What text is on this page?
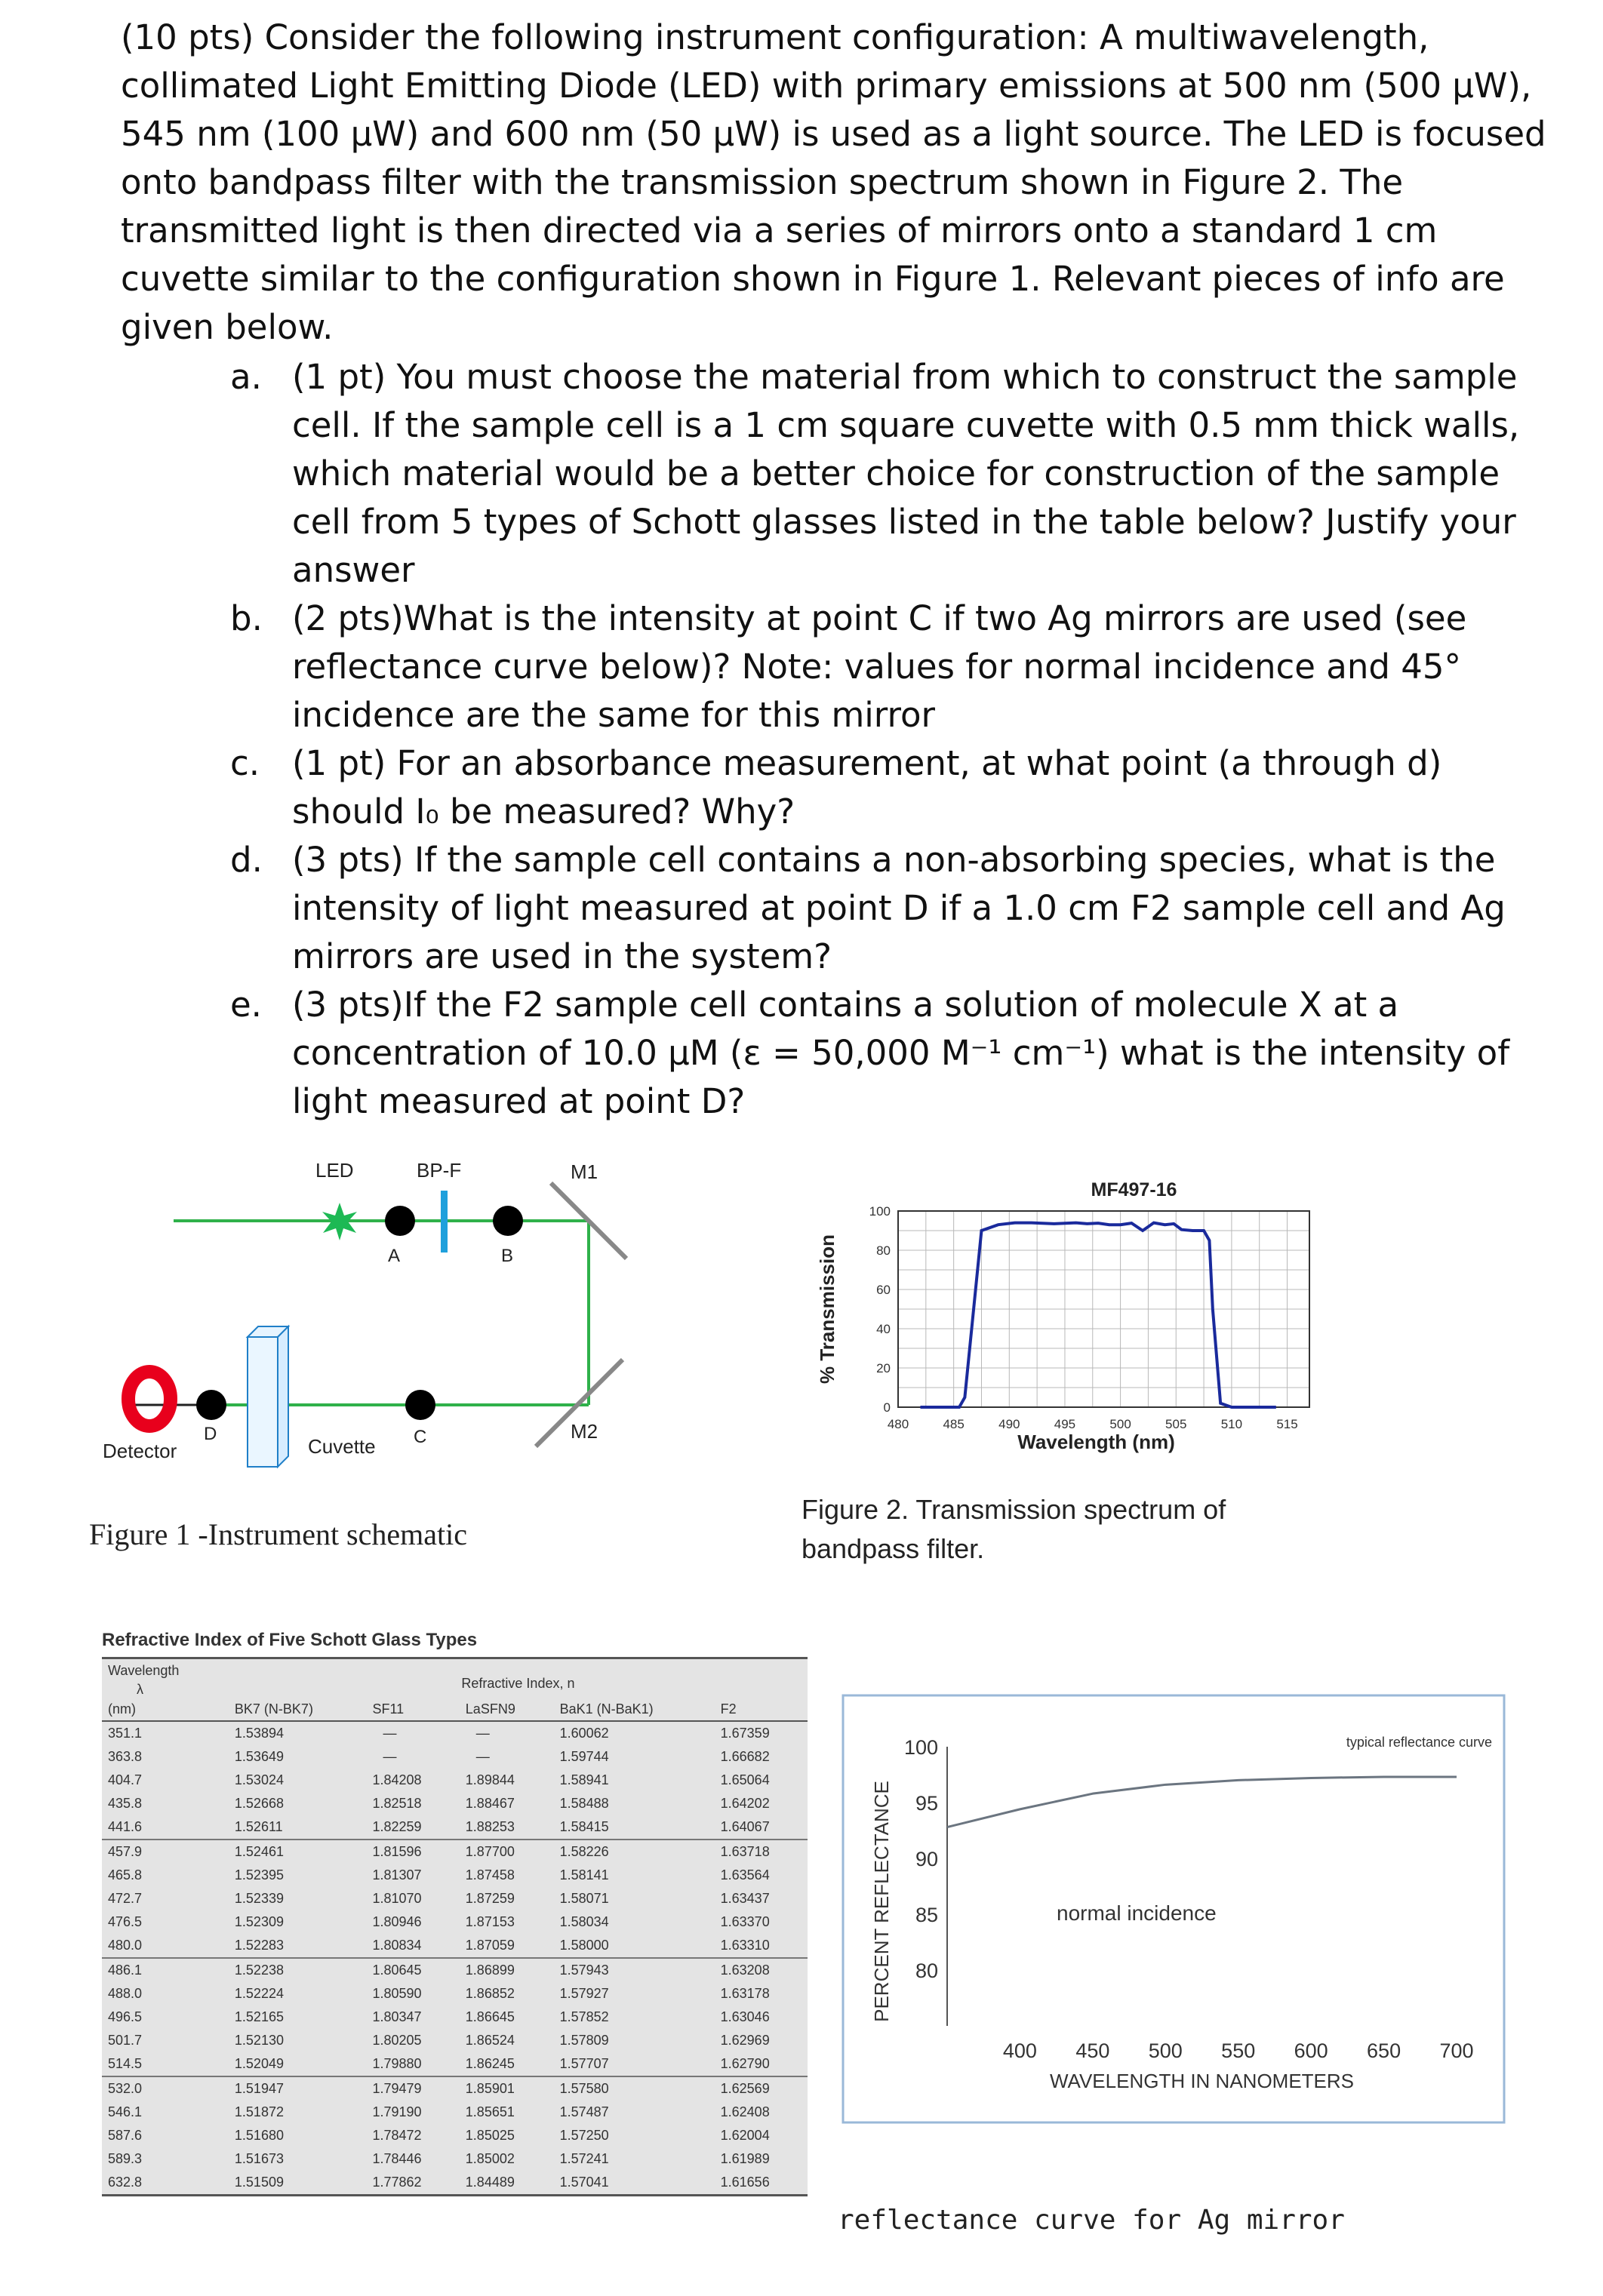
(10 pts) Consider the following instrument configuration: A multiwavelength, collimated Light Emitting Diode (LED) with primary emissions at 500 nm (500 μW), 545 nm (100 μW) and 600 nm (50 μW) is used as a light source. The LED is focused onto bandpass filter with the transmission spectrum shown in Figure 2. The transmitted light is then directed via a series of mirrors onto a standard 1 cm cuvette similar to the configuration shown in Figure 1. Relevant pieces of info are given below.
a. (1 pt) You must choose the material from which to construct the sample cell. If the sample cell is a 1 cm square cuvette with 0.5 mm thick walls, which material would be a better choice for construction of the sample cell from 5 types of Schott glasses listed in the table below? Justify your answer
b. (2 pts)What is the intensity at point C if two Ag mirrors are used (see reflectance curve below)? Note: values for normal incidence and 45° incidence are the same for this mirror
c. (1 pt) For an absorbance measurement, at what point (a through d) should I₀ be measured? Why?
d. (3 pts) If the sample cell contains a non-absorbing species, what is the intensity of light measured at point D if a 1.0 cm F2 sample cell and Ag mirrors are used in the system?
e. (3 pts)If the F2 sample cell contains a solution of molecule X at a concentration of 10.0 μM (ε = 50,000 M⁻¹ cm⁻¹) what is the intensity of light measured at point D?
LED	BP-F	M1
A	B
C
D	M2
Detector	Cuvette
Figure 1 -Instrument schematic
480	485	490	495	500	505	510	515
0
20
40
60
80
100
MF497-16
Wavelength (nm)
% Transmission
Figure 2. Transmission spectrum of bandpass filter.
Refractive Index of Five Schott Glass Types
Wavelength	Refractive Index, n				
λ					
(nm)	BK7 (N-BK7)	SF11	LaSFN9	BaK1 (N-BaK1)	F2
351.1	1.53894	—	—	1.60062	1.67359
363.8	1.53649	—	—	1.59744	1.66682
404.7	1.53024	1.84208	1.89844	1.58941	1.65064
435.8	1.52668	1.82518	1.88467	1.58488	1.64202
441.6	1.52611	1.82259	1.88253	1.58415	1.64067
457.9	1.52461	1.81596	1.87700	1.58226	1.63718
465.8	1.52395	1.81307	1.87458	1.58141	1.63564
472.7	1.52339	1.81070	1.87259	1.58071	1.63437
476.5	1.52309	1.80946	1.87153	1.58034	1.63370
480.0	1.52283	1.80834	1.87059	1.58000	1.63310
486.1	1.52238	1.80645	1.86899	1.57943	1.63208
488.0	1.52224	1.80590	1.86852	1.57927	1.63178
496.5	1.52165	1.80347	1.86645	1.57852	1.63046
501.7	1.52130	1.80205	1.86524	1.57809	1.62969
514.5	1.52049	1.79880	1.86245	1.57707	1.62790
532.0	1.51947	1.79479	1.85901	1.57580	1.62569
546.1	1.51872	1.79190	1.85651	1.57487	1.62408
587.6	1.51680	1.78472	1.85025	1.57250	1.62004
589.3	1.51673	1.78446	1.85002	1.57241	1.61989
632.8	1.51509	1.77862	1.84489	1.57041	1.61656
80
85
90
95
100
400 450 500 550 600 650 700
WAVELENGTH IN NANOMETERS
PERCENT REFLECTANCE
typical reflectance curve
normal incidence
reflectance curve for Ag mirror
